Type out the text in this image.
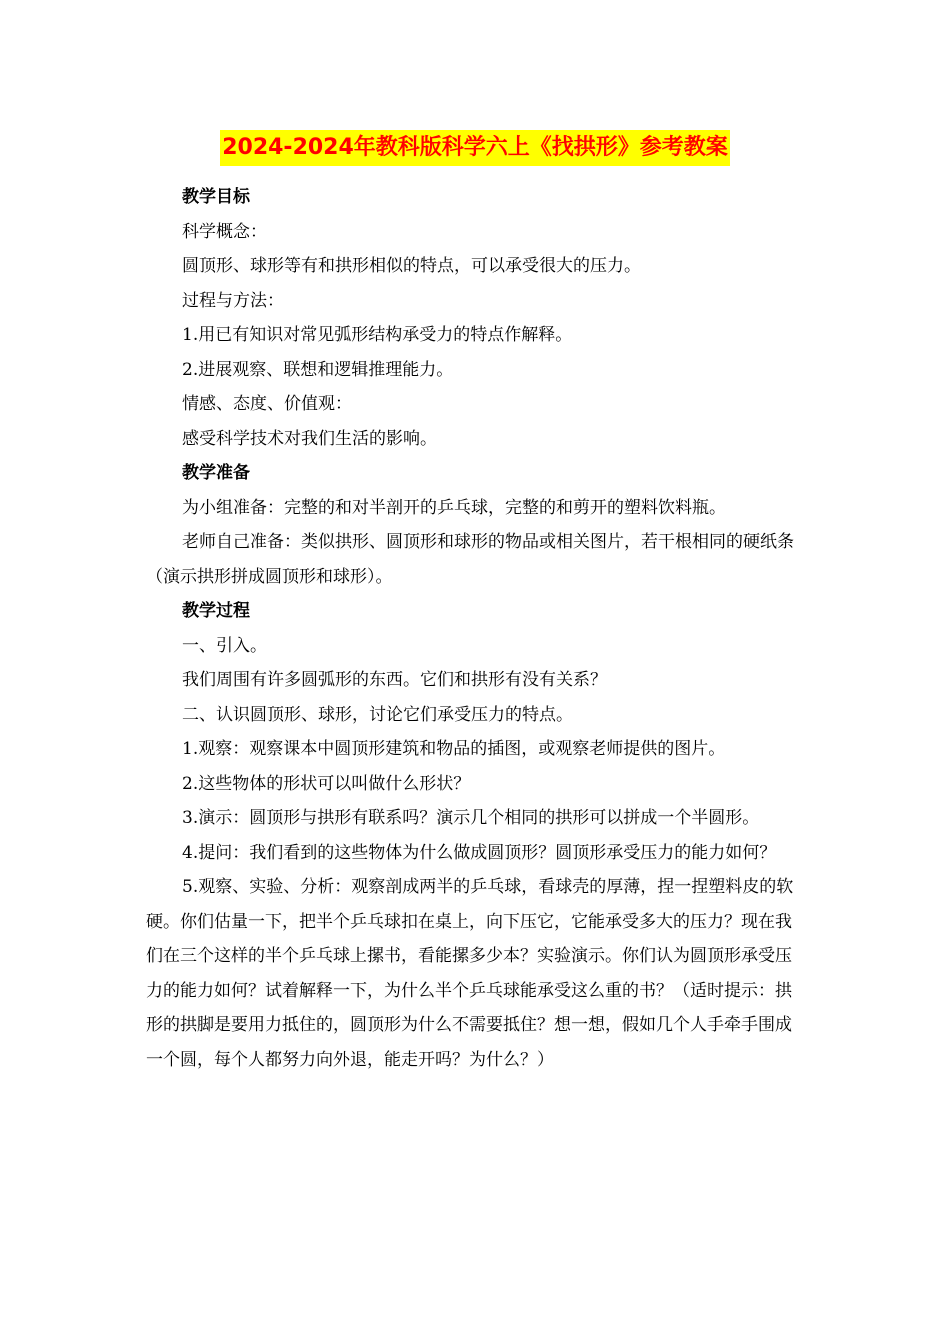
2024-2024年教科版科学六上《找拱形》参考教案

教学目标

科学概念：

圆顶形、球形等有和拱形相似的特点，可以承受很大的压力。

过程与方法：

1.用已有知识对常见弧形结构承受力的特点作解释。

2.进展观察、联想和逻辑推理能力。

情感、态度、价值观：

感受科学技术对我们生活的影响。

教学准备

为小组准备：完整的和对半剖开的乒乓球，完整的和剪开的塑料饮料瓶。

老师自己准备：类似拱形、圆顶形和球形的物品或相关图片，若干根相同的硬纸条（演示拱形拼成圆顶形和球形）。

教学过程

一、引入。

我们周围有许多圆弧形的东西。它们和拱形有没有关系？

二、认识圆顶形、球形，讨论它们承受压力的特点。

1.观察：观察课本中圆顶形建筑和物品的插图，或观察老师提供的图片。

2.这些物体的形状可以叫做什么形状？

3.演示：圆顶形与拱形有联系吗？演示几个相同的拱形可以拼成一个半圆形。

4.提问：我们看到的这些物体为什么做成圆顶形？圆顶形承受压力的能力如何？

5.观察、实验、分析：观察剖成两半的乒乓球，看球壳的厚薄，捏一捏塑料皮的软硬。你们估量一下，把半个乒乓球扣在桌上，向下压它，它能承受多大的压力？现在我们在三个这样的半个乒乓球上摞书，看能摞多少本？实验演示。你们认为圆顶形承受压力的能力如何？试着解释一下，为什么半个乒乓球能承受这么重的书？（适时提示：拱形的拱脚是要用力抵住的，圆顶形为什么不需要抵住？想一想，假如几个人手牵手围成一个圆，每个人都努力向外退，能走开吗？为什么？）
